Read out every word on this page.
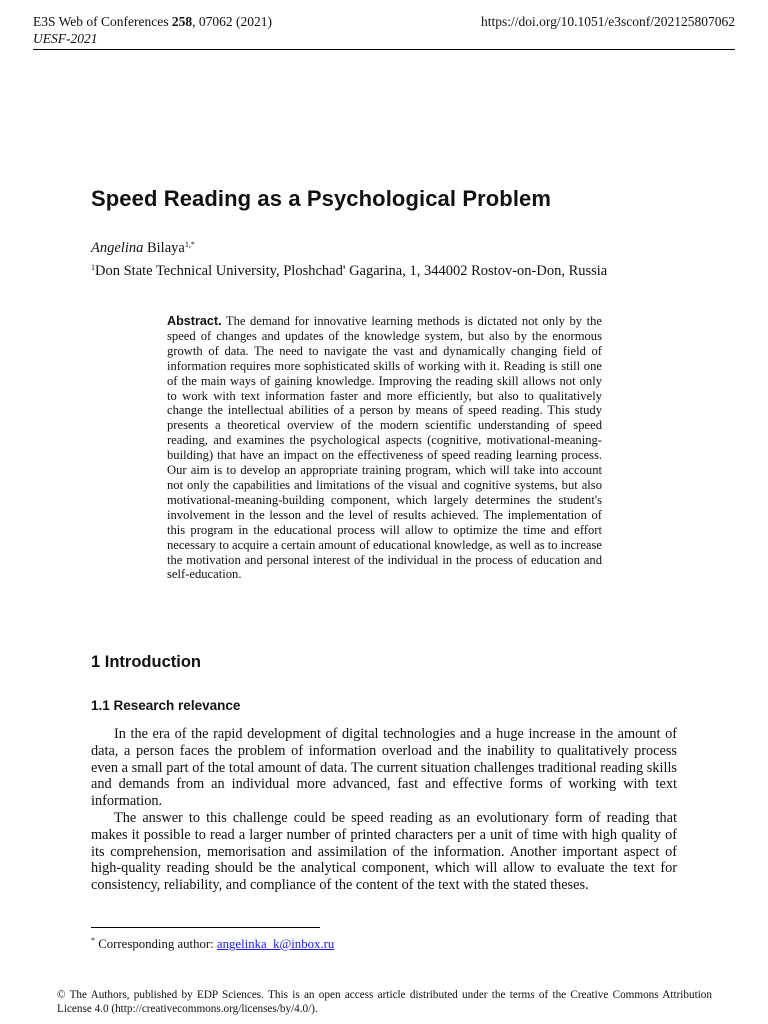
E3S Web of Conferences 258, 07062 (2021)
UESF-2021
https://doi.org/10.1051/e3sconf/202125807062
Speed Reading as a Psychological Problem
Angelina Bilaya$^{1,*}$
$^1$Don State Technical University, Ploshchad' Gagarina, 1, 344002 Rostov-on-Don, Russia
Abstract. The demand for innovative learning methods is dictated not only by the speed of changes and updates of the knowledge system, but also by the enormous growth of data. The need to navigate the vast and dynamically changing field of information requires more sophisticated skills of working with it. Reading is still one of the main ways of gaining knowledge. Improving the reading skill allows not only to work with text information faster and more efficiently, but also to qualitatively change the intellectual abilities of a person by means of speed reading. This study presents a theoretical overview of the modern scientific understanding of speed reading, and examines the psychological aspects (cognitive, motivational-meaning-building) that have an impact on the effectiveness of speed reading learning process. Our aim is to develop an appropriate training program, which will take into account not only the capabilities and limitations of the visual and cognitive systems, but also motivational-meaning-building component, which largely determines the student's involvement in the lesson and the level of results achieved. The implementation of this program in the educational process will allow to optimize the time and effort necessary to acquire a certain amount of educational knowledge, as well as to increase the motivation and personal interest of the individual in the process of education and self-education.
1 Introduction
1.1 Research relevance

In the era of the rapid development of digital technologies and a huge increase in the amount of data, a person faces the problem of information overload and the inability to qualitatively process even a small part of the total amount of data. The current situation challenges traditional reading skills and demands from an individual more advanced, fast and effective forms of working with text information.

The answer to this challenge could be speed reading as an evolutionary form of reading that makes it possible to read a larger number of printed characters per a unit of time with high quality of its comprehension, memorisation and assimilation of the information. Another important aspect of high-quality reading should be the analytical component, which will allow to evaluate the text for consistency, reliability, and compliance of the content of the text with the stated theses.

* Corresponding author: angelinka_k@inbox.ru
© The Authors, published by EDP Sciences. This is an open access article distributed under the terms of the Creative Commons Attribution License 4.0 (http://creativecommons.org/licenses/by/4.0/).
